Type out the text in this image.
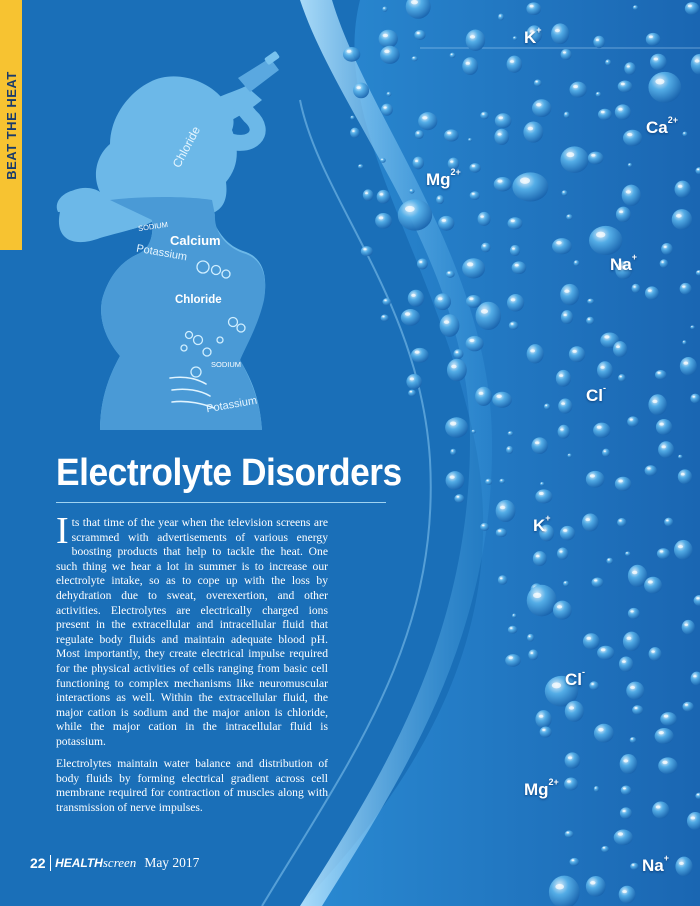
BEAT THE HEAT	Chloride
SODIUM
Calcium
Potassium
Chloride
SODIUM
Potassium
K+
$Ca^{2+}$
$Mg^{2+}$
Na+
Cl-
K+
Cl-
$Mg^{2+}$
Na+
Electrolyte Disorders

Its that time of the year when the television screens are scrammed with advertisements of various energy boosting products that help to tackle the heat. One such thing we hear a lot in summer is to increase our electrolyte intake, so as to cope up with the loss by dehydration due to sweat, overexertion, and other activities. Electrolytes are electrically charged ions present in the extracellular and intracellular fluid that regulate body fluids and maintain adequate blood pH. Most importantly, they create electrical impulse required for the physical activities of cells ranging from basic cell functioning to complex mechanisms like neuromuscular interactions as well. Within the extracellular fluid, the major cation is sodium and the major anion is chloride, while the major cation in the intracellular fluid is potassium.

Electrolytes maintain water balance and distribution of body fluids by forming electrical gradient across cell membrane required for contraction of muscles along with transmission of nerve impulses.

22 HEALTH screen May 2017
